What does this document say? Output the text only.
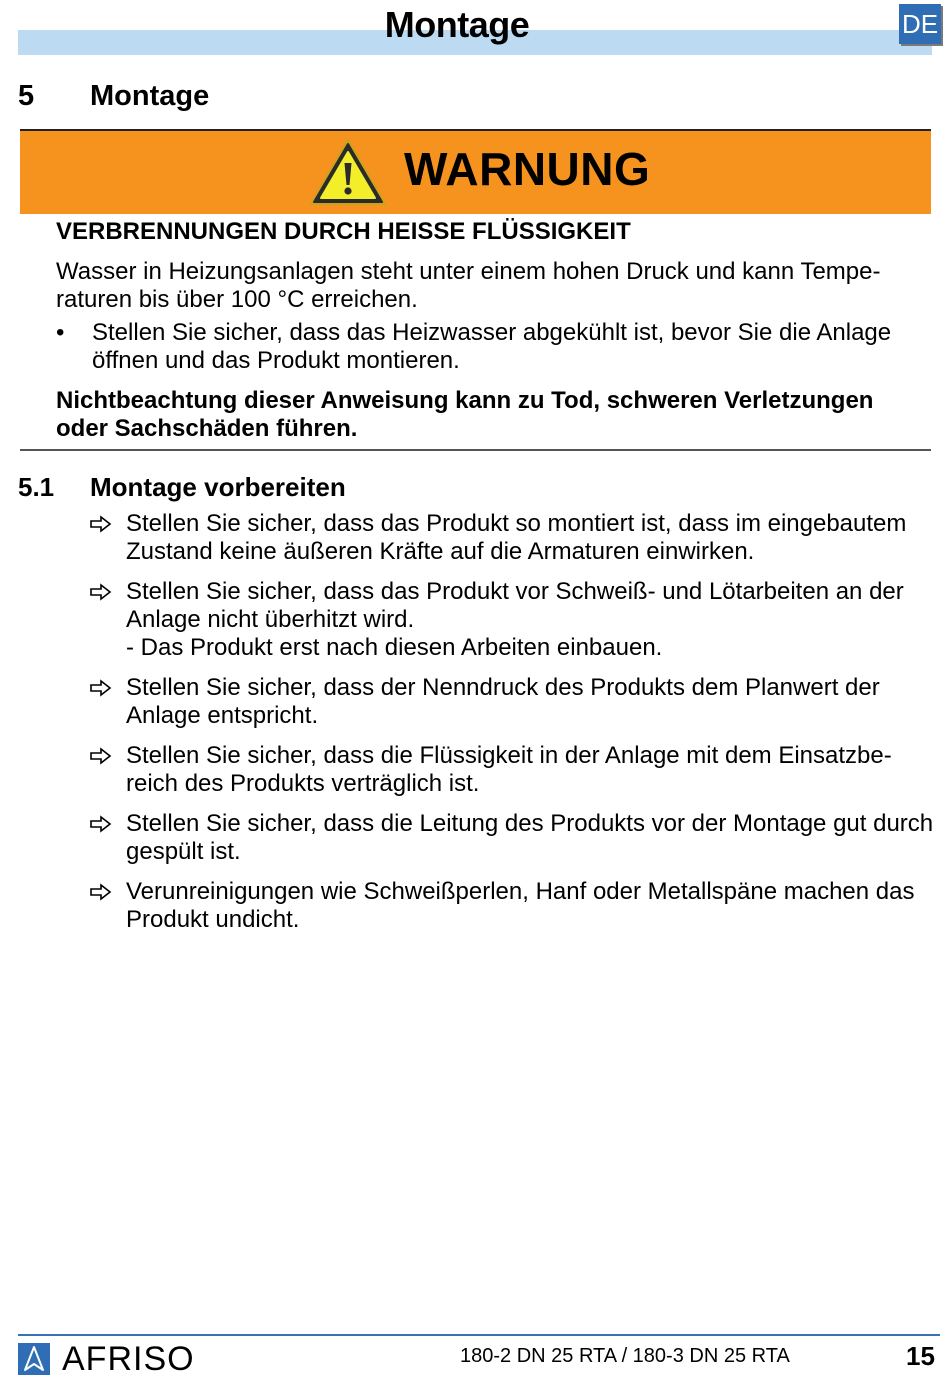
Montage	DE
5 Montage
WARNUNG
VERBRENNUNGEN DURCH HEISSE FLÜSSIGKEIT
Wasser in Heizungsanlagen steht unter einem hohen Druck und kann Tempe-
raturen bis über 100 °C erreichen.
• Stellen Sie sicher, dass das Heizwasser abgekühlt ist, bevor Sie die Anlage öffnen und das Produkt montieren.
Nichtbeachtung dieser Anweisung kann zu Tod, schweren Verletzungen oder Sachschäden führen.
5.1 Montage vorbereiten
Stellen Sie sicher, dass das Produkt so montiert ist, dass im eingebautem Zustand keine äußeren Kräfte auf die Armaturen einwirken.
Stellen Sie sicher, dass das Produkt vor Schweiß- und Lötarbeiten an der Anlage nicht überhitzt wird.
- Das Produkt erst nach diesen Arbeiten einbauen.
Stellen Sie sicher, dass der Nenndruck des Produkts dem Planwert der Anlage entspricht.
Stellen Sie sicher, dass die Flüssigkeit in der Anlage mit dem Einsatzbe-reich des Produkts verträglich ist.
Stellen Sie sicher, dass die Leitung des Produkts vor der Montage gut durch gespült ist.
Verunreinigungen wie Schweißperlen, Hanf oder Metallspäne machen das Produkt undicht.
AFRISO	180-2 DN 25 RTA / 180-3 DN 25 RTA	15
